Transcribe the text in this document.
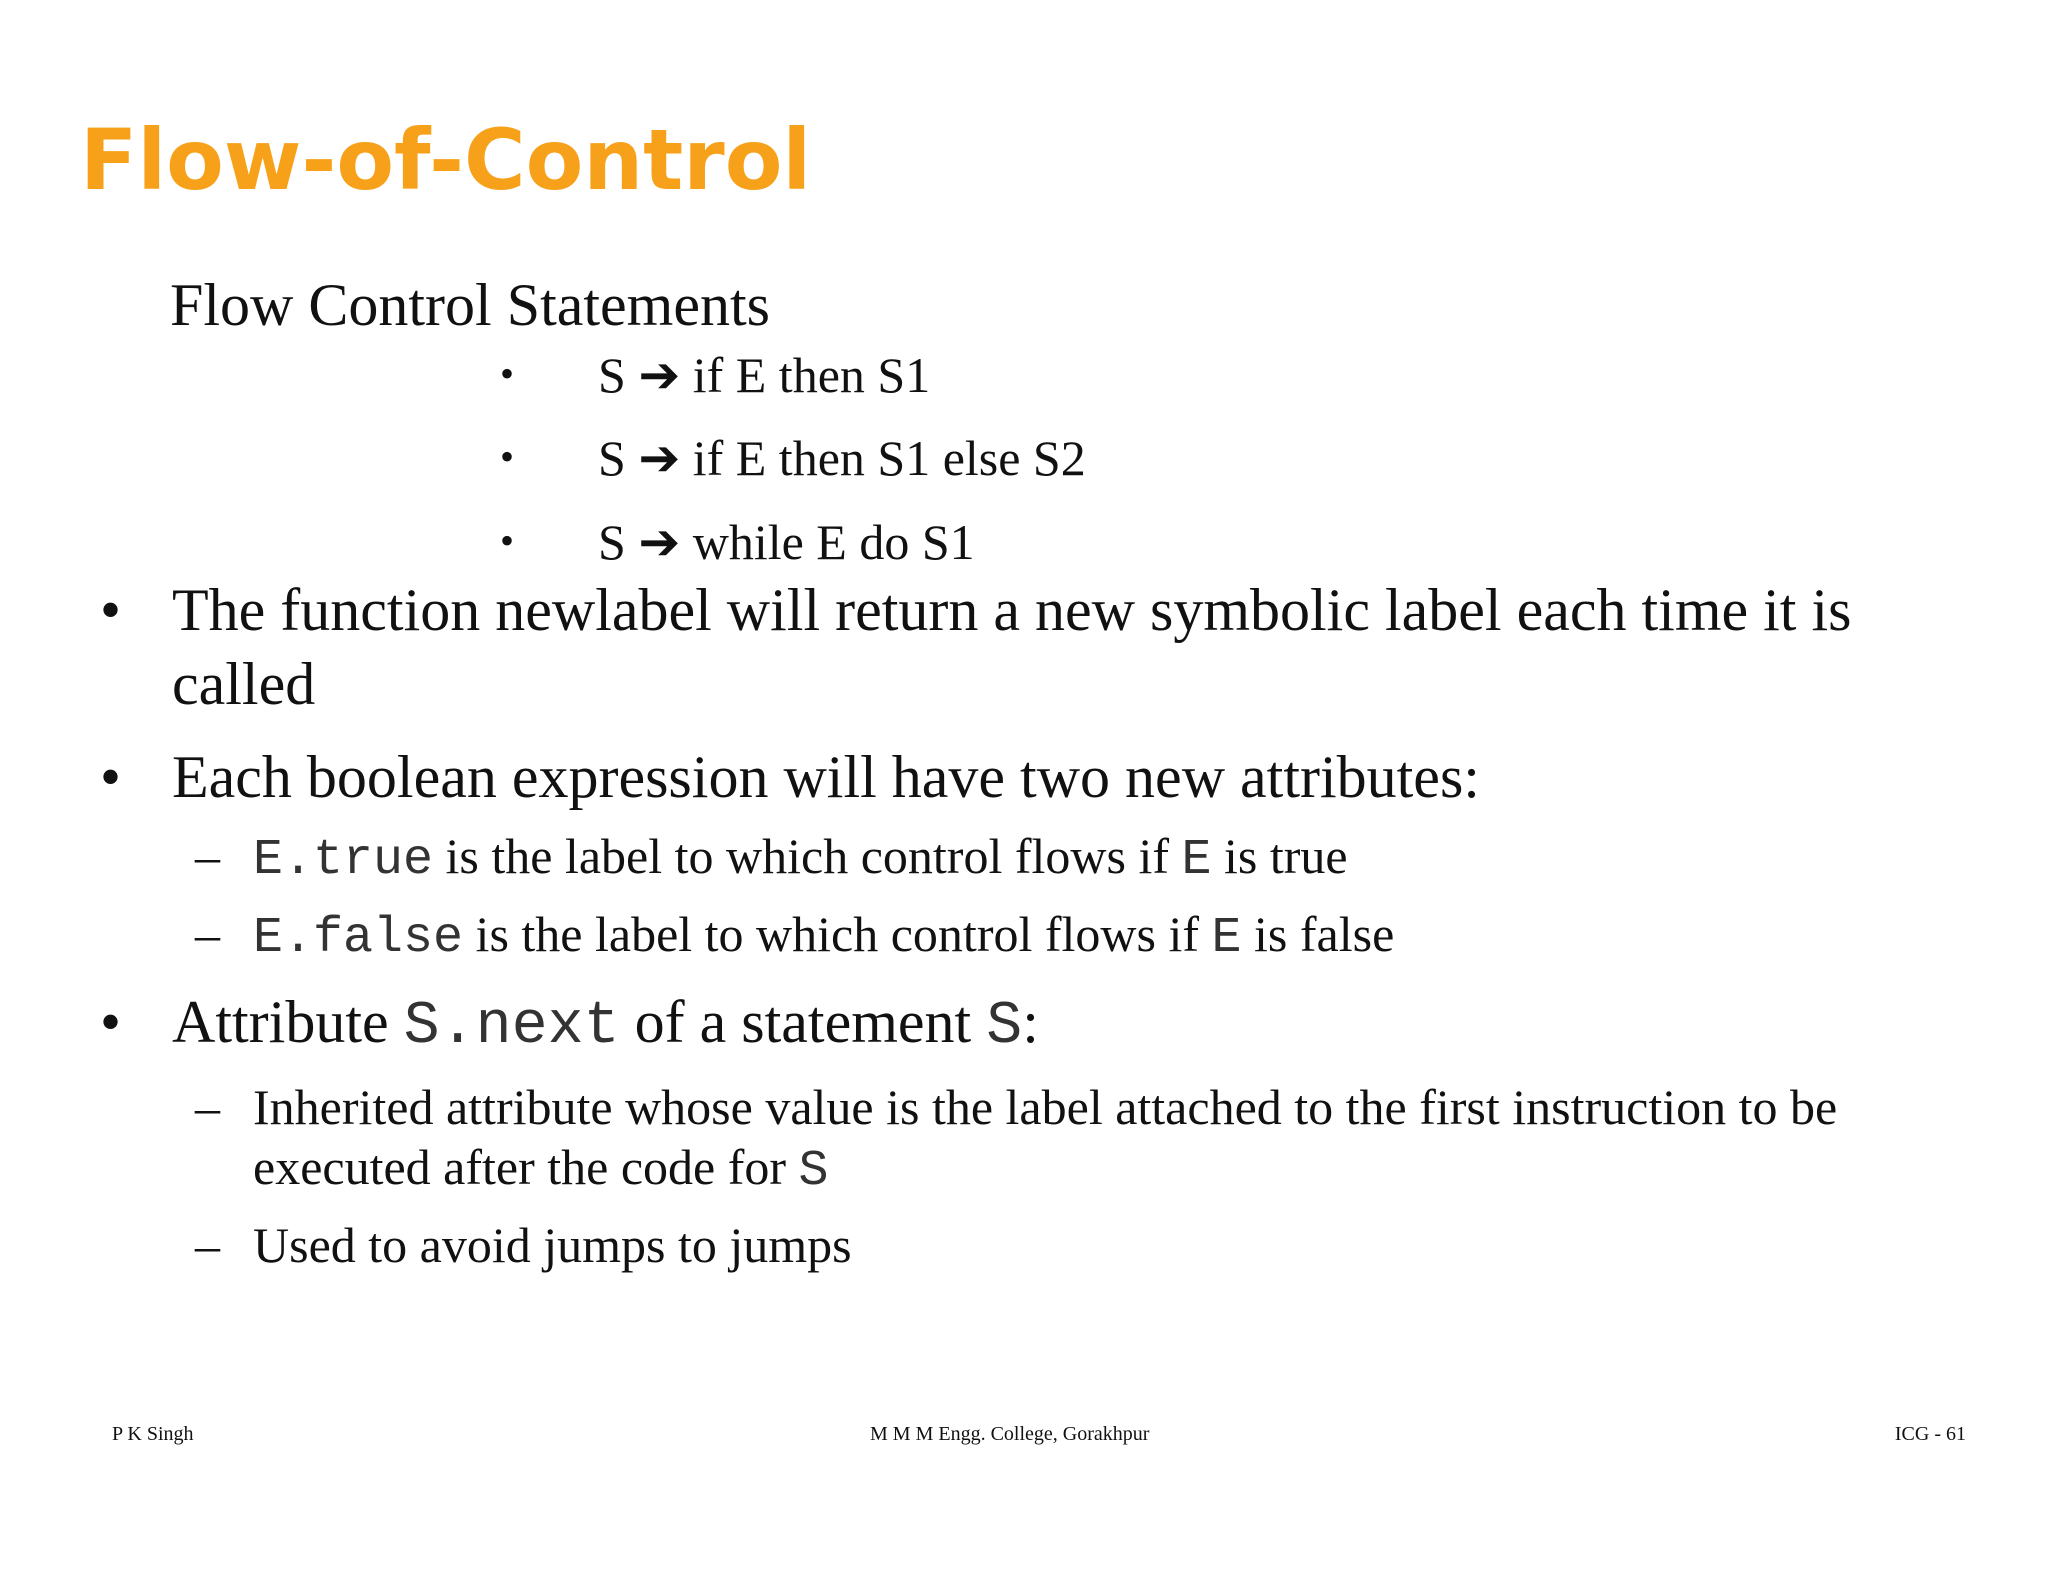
Flow-of-Control
Flow Control Statements
• S ➔ if E then S1
• S ➔ if E then S1 else S2
• S ➔ while E do S1
• The function newlabel will return a new symbolic label each time it is called
• Each boolean expression will have two new attributes:
– E.true is the label to which control flows if E is true
– E.false is the label to which control flows if E is false
• Attribute S.next of a statement S:
– Inherited attribute whose value is the label attached to the first instruction to be executed after the code for S
– Used to avoid jumps to jumps
P K Singh	M M M Engg. College, Gorakhpur	ICG - 61
